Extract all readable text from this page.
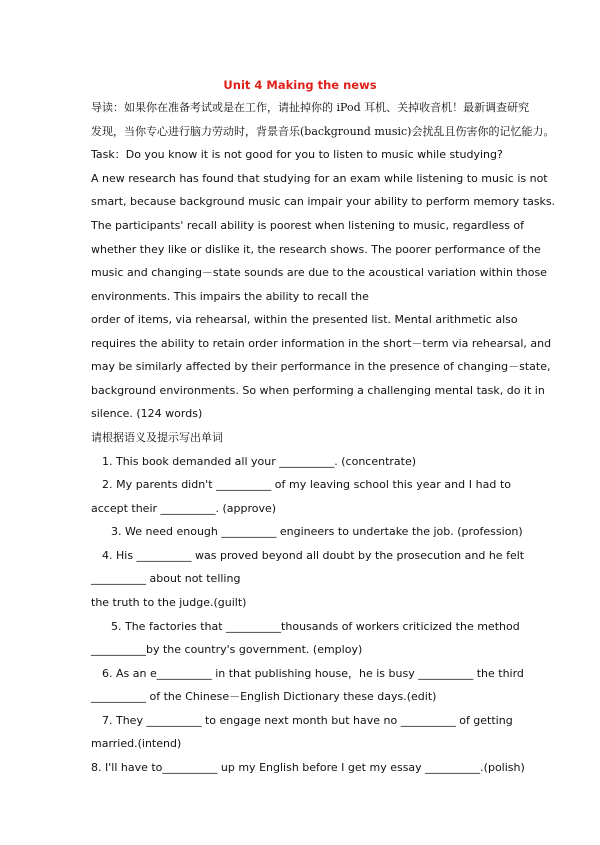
Unit 4 Making the news
导读：如果你在准备考试或是在工作，请扯掉你的 iPod 耳机、关掉收音机！最新调查研究
发现，当你专心进行脑力劳动时，背景音乐(background music)会扰乱且伤害你的记忆能力。
Task：Do you know it is not good for you to listen to music while studying?
A new research has found that studying for an exam while listening to music is not
smart, because background music can impair your ability to perform memory tasks.
The participants' recall ability is poorest when listening to music, regardless of
whether they like or dislike it, the research shows. The poorer performance of the
music and changing－state sounds are due to the acoustical variation within those
environments. This impairs the ability to recall the
order of items, via rehearsal, within the presented list. Mental arithmetic also
requires the ability to retain order information in the short－term via rehearsal, and
may be similarly affected by their performance in the presence of changing－state,
background environments. So when performing a challenging mental task, do it in
silence. (124 words)
请根据语义及提示写出单词
1. This book demanded all your __________. (concentrate)
2. My parents didn't __________ of my leaving school this year and I had to
accept their __________. (approve)
3. We need enough __________ engineers to undertake the job. (profession)
4. His __________ was proved beyond all doubt by the prosecution and he felt
__________ about not telling
the truth to the judge.(guilt)
5. The factories that __________thousands of workers criticized the method
__________by the country's government. (employ)
6. As an e__________ in that publishing house，he is busy __________ the third
__________ of the Chinese－English Dictionary these days.(edit)
7. They __________ to engage next month but have no __________ of getting
married.(intend)
8. I'll have to__________ up my English before I get my essay __________.(polish)
